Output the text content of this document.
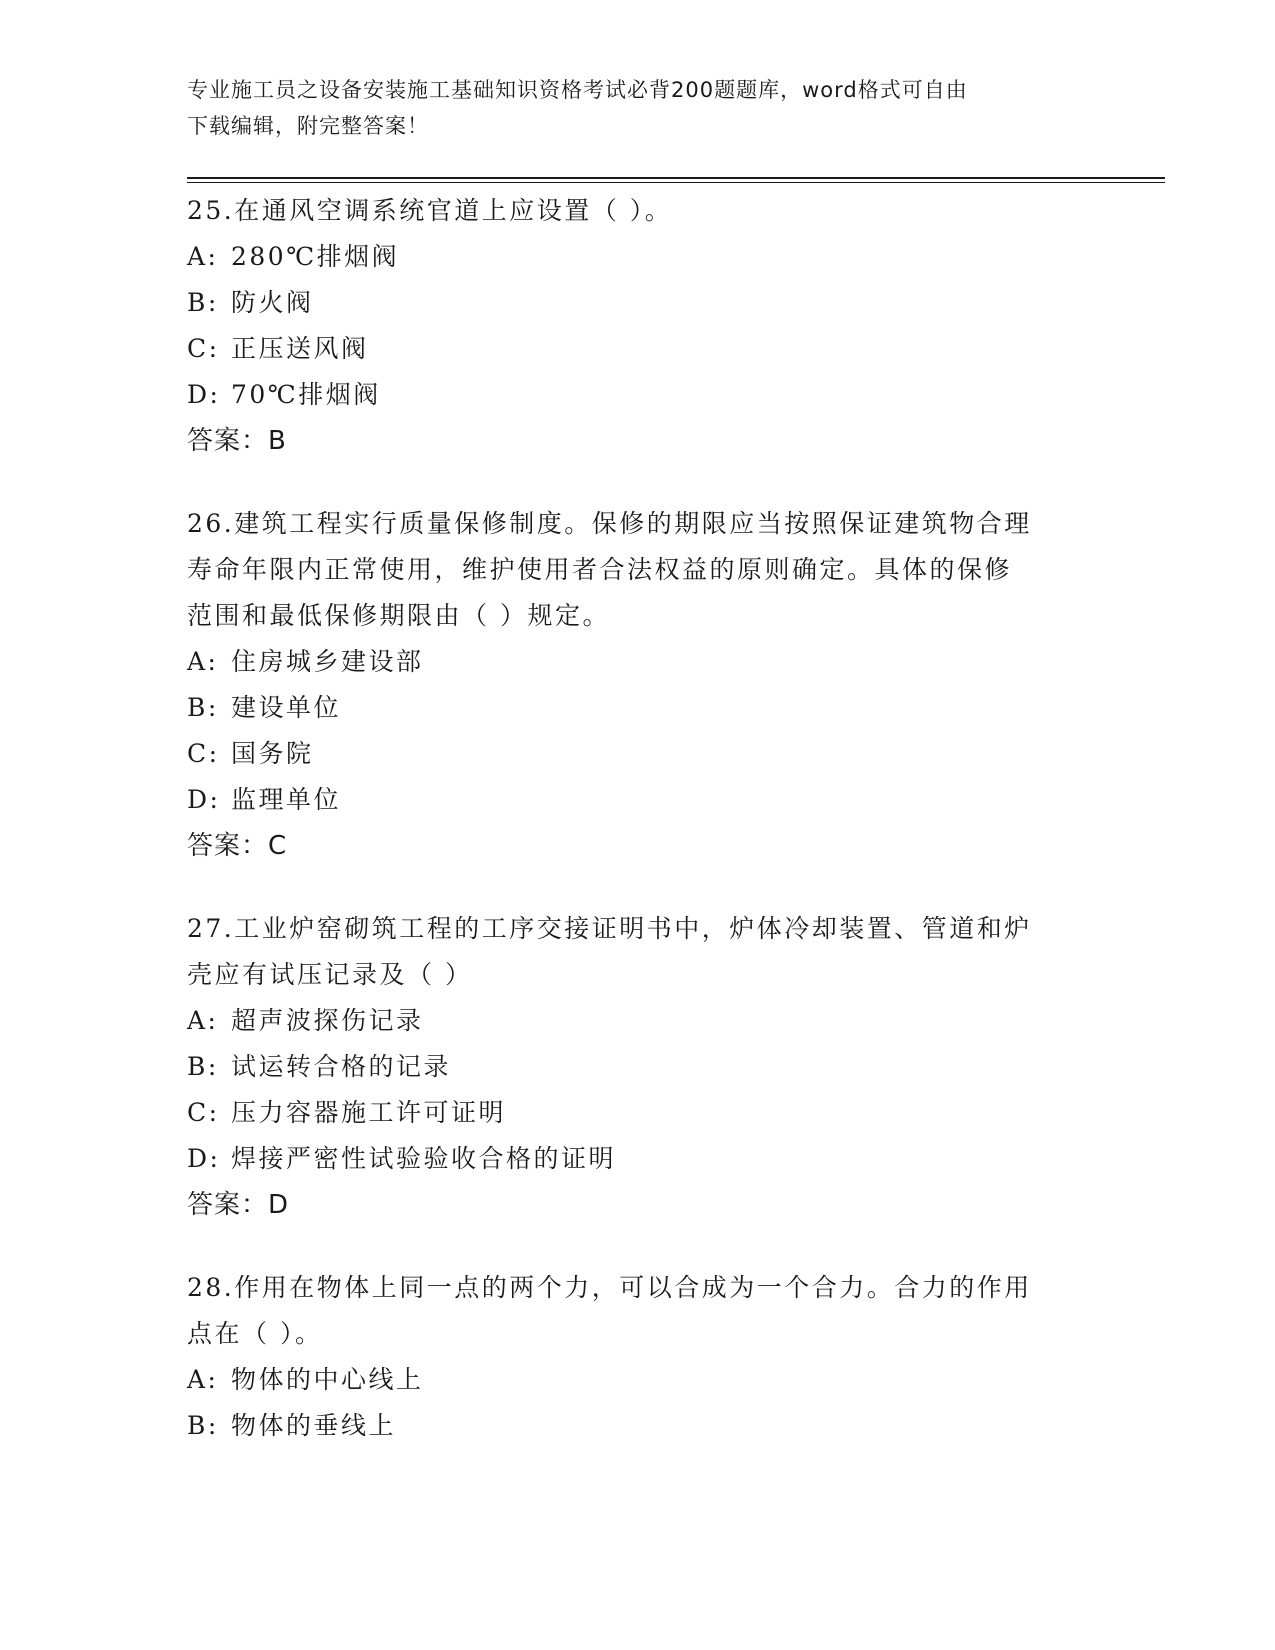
专业施工员之设备安装施工基础知识资格考试必背200题题库，word格式可自由
下载编辑，附完整答案！

25.在通风空调系统官道上应设置（ ）。

A: 280℃排烟阀

B: 防火阀

C: 正压送风阀

D: 70℃排烟阀

答案：B

26.建筑工程实行质量保修制度。保修的期限应当按照保证建筑物合理

寿命年限内正常使用，维护使用者合法权益的原则确定。具体的保修

范围和最低保修期限由（ ）规定。

A: 住房城乡建设部

B: 建设单位

C: 国务院

D: 监理单位

答案：C

27.工业炉窑砌筑工程的工序交接证明书中，炉体冷却装置、管道和炉

壳应有试压记录及（ ）

A: 超声波探伤记录

B: 试运转合格的记录

C: 压力容器施工许可证明

D: 焊接严密性试验验收合格的证明

答案：D

28.作用在物体上同一点的两个力，可以合成为一个合力。合力的作用

点在（ ）。

A: 物体的中心线上

B: 物体的垂线上
